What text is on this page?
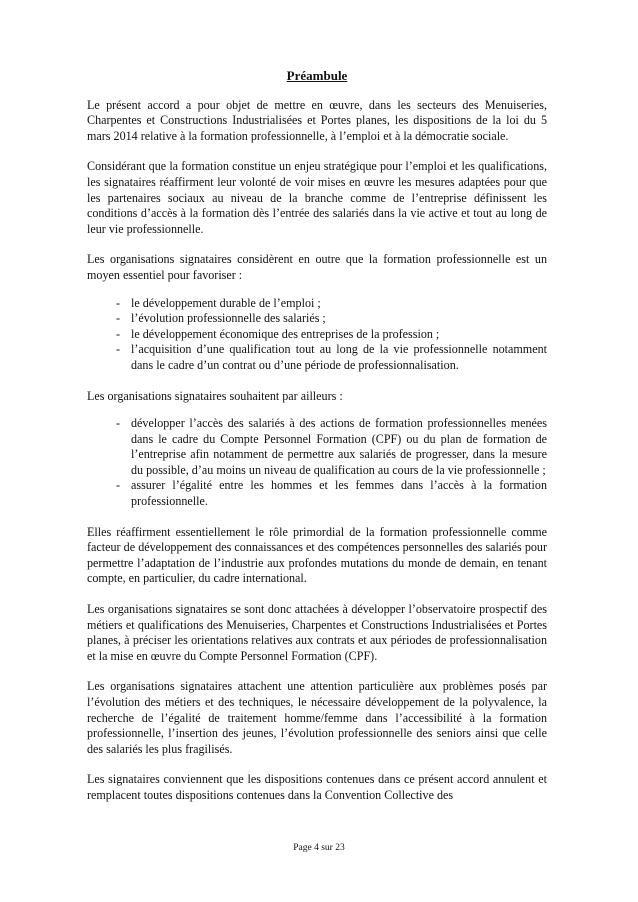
Préambule

Le présent accord a pour objet de mettre en œuvre, dans les secteurs des Menuiseries, Charpentes et Constructions Industrialisées et Portes planes, les dispositions de la loi du 5 mars 2014 relative à la formation professionnelle, à l’emploi et à la démocratie sociale.

Considérant que la formation constitue un enjeu stratégique pour l’emploi et les qualifications, les signataires réaffirment leur volonté de voir mises en œuvre les mesures adaptées pour que les partenaires sociaux au niveau de la branche comme de l’entreprise définissent les conditions d’accès à la formation dès l’entrée des salariés dans la vie active et tout au long de leur vie professionnelle.

Les organisations signataires considèrent en outre que la formation professionnelle est un moyen essentiel pour favoriser :

- le développement durable de l’emploi ;
- l’évolution professionnelle des salariés ;
- le développement économique des entreprises de la profession ;
- l’acquisition d’une qualification tout au long de la vie professionnelle notamment dans le cadre d’un contrat ou d’une période de professionnalisation.

Les organisations signataires souhaitent par ailleurs :

- développer l’accès des salariés à des actions de formation professionnelles menées dans le cadre du Compte Personnel Formation (CPF) ou du plan de formation de l’entreprise afin notamment de permettre aux salariés de progresser, dans la mesure du possible, d’au moins un niveau de qualification au cours de la vie professionnelle ;
- assurer l’égalité entre les hommes et les femmes dans l’accès à la formation professionnelle.

Elles réaffirment essentiellement le rôle primordial de la formation professionnelle comme facteur de développement des connaissances et des compétences personnelles des salariés pour permettre l’adaptation de l’industrie aux profondes mutations du monde de demain, en tenant compte, en particulier, du cadre international.

Les organisations signataires se sont donc attachées à développer l’observatoire prospectif des métiers et qualifications des Menuiseries, Charpentes et Constructions Industrialisées et Portes planes, à préciser les orientations relatives aux contrats et aux périodes de professionnalisation et la mise en œuvre du Compte Personnel Formation (CPF).

Les organisations signataires attachent une attention particulière aux problèmes posés par l’évolution des métiers et des techniques, le nécessaire développement de la polyvalence, la recherche de l’égalité de traitement homme/femme dans l’accessibilité à la formation professionnelle, l’insertion des jeunes, l’évolution professionnelle des seniors ainsi que celle des salariés les plus fragilisés.

Les signataires conviennent que les dispositions contenues dans ce présent accord annulent et remplacent toutes dispositions contenues dans la Convention Collective des

Page 4 sur 23
